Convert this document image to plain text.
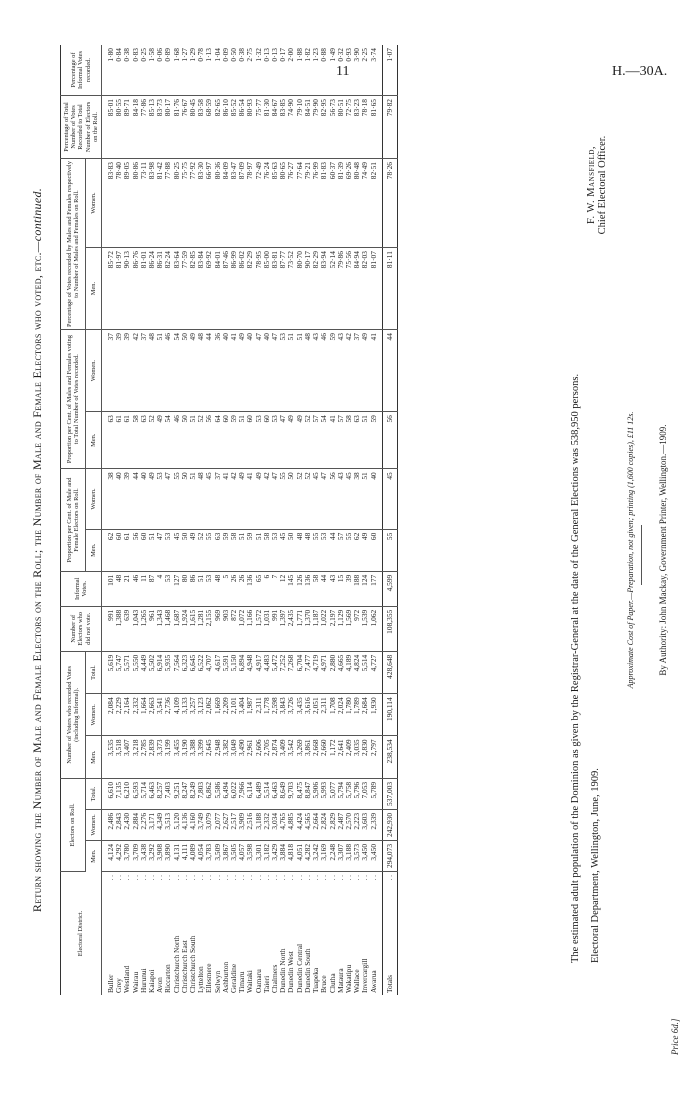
11	H.—30A.
Return showing the Number of Male and Female Electors on the Roll; the Number of Male and Female Electors who voted, etc.—continued.
Electoral District.	Electors on Roll.			Number of Voters who recorded Votes (including Informal).			Number of Electors who did not vote.	Informal Votes.	Proportion per Cent. of Male and Female Electors on Roll.		Proportion per Cent. of Males and Females voting to Total Number of Votes recorded.		Percentage of Votes recorded by Males and Females respectively to Number of Males and Females on Roll.		Percentage of Total Number of Votes Recorded to Total Number of Electors on the Roll.	Percentage of Informal Votes recorded.
	Men.	Women.	Total.	Men.	Women.	Total.			Men.	Women.	Men.	Women.	Men.	Women.		
Buller
. .	4,124	2,486	6,610	3,535	2,084	5,619	991	101	62	38	63	37	85·72	83·83	85·01	1·80
Grey
. .	4,292	2,843	7,135	3,518	2,229	5,747	1,388	48	60	40	61	39	81·97	78·40	80·55	0·84
Westland
. .	3,780	2,430	6,210	3,407	2,164	5,571	639	21	61	39	61	39	90·13	89·05	89·71	0·38
Wairau
. .	3,709	2,884	6,593	3,218	2,332	5,550	1,043	46	56	44	58	42	86·76	80·86	84·18	0·83
Hurunui
. .	3,438	2,276	5,714	2,785	1,664	4,449	1,265	11	60	40	63	37	81·01	73·11	77·86	0·25
Kaiapoi
. .	3,292	3,171	6,463	2,839	2,663	5,502	961	87	51	49	52	48	86·24	83·98	85·13	1·58
Avon
. .	3,908	4,349	8,257	3,373	3,541	6,914	1,343	4	47	53	49	51	86·31	81·42	83·73	0·06
Riccarton
. .	3,890	3,513	7,403	3,199	2,736	5,935	1,468	53	53	47	54	46	82·24	77·88	80·17	0·89
Christchurch North
. .	4,131	5,120	9,251	3,455	4,109	7,564	1,687	127	45	55	46	54	83·64	80·25	81·76	1·68
Christchurch East
. .	4,111	4,136	8,247	3,190	3,133	6,323	1,924	80	50	50	50	50	77·59	75·75	76·67	1·27
Christchurch South
. .	4,089	4,160	8,249	3,388	3,257	6,645	1,615	86	49	51	51	49	82·85	77·92	80·45	1·29
Lyttelton
. .	4,054	3,749	7,803	3,399	3,123	6,522	1,281	51	52	48	52	48	83·84	83·30	83·58	0·78
Ellesmere
. .	3,783	3,079	6,862	2,645	2,062	4,707	2,155	53	55	45	56	44	69·92	66·97	68·59	1·13
Selwyn
. .	3,509	2,077	5,586	2,948	1,669	4,617	969	48	63	37	64	36	84·01	80·36	82·65	1·04
Ashburton
. .	3,867	2,627	6,494	3,382	2,209	5,591	903	5	59	41	60	40	87·46	84·09	86·10	0·09
Geraldine
. .	3,505	2,517	6,022	3,049	2,101	5,150	872	26	58	42	59	41	86·99	83·47	85·52	0·50
Timaru
. .	4,057	3,909	7,966	3,490	3,404	6,894	1,072	26	51	49	51	49	86·02	87·09	86·54	0·38
Waitaki
. .	3,598	2,516	6,114	2,961	1,987	4,948	1,166	136	59	41	60	40	82·29	78·97	80·93	2·75
Oamaru
. .	3,301	3,188	6,489	2,606	2,311	4,917	1,572	65	51	49	53	47	78·95	72·49	75·77	1·32
Taieri
. .	3,182	2,332	5,514	2,705	1,778	4,483	1,031	6	58	42	60	40	85·00	76·24	81·30	0·13
Chalmers
. .	3,429	3,034	6,463	2,874	2,598	5,472	991	7	53	47	53	47	83·81	85·63	84·67	0·13
Dunedin North
. .	3,884	4,765	8,649	3,409	3,843	7,252	1,397	12	45	55	47	53	87·77	80·65	83·85	0·17
Dunedin West
. .	4,818	4,885	9,703	3,542	3,726	7,268	2,435	145	50	50	49	51	73·52	76·27	74·90	2·00
Dunedin Central
. .	4,051	4,424	8,475	3,269	3,435	6,704	1,771	126	48	52	49	51	80·70	77·64	79·10	1·88
Dunedin South
. .	4,282	4,565	8,847	3,861	3,616	7,477	1,370	136	48	52	52	48	90·17	79·21	84·51	1·82
Tuapeka
. .	3,242	2,664	5,906	2,668	2,051	4,719	1,187	58	55	45	57	43	82·29	76·99	79·90	1·23
Bruce
. .	3,169	2,824	5,993	2,660	2,311	4,971	1,022	44	53	47	54	46	83·94	81·83	82·95	0·88
Clutha
. .	2,248	2,829	5,077	1,172	1,708	2,880	2,197	43	44	56	41	59	52·14	60·37	56·73	1·49
Mataura
. .	3,307	2,487	5,794	2,641	2,024	4,665	1,129	15	57	43	57	43	79·86	81·39	80·51	0·32
Wakatipu
. .	3,188	2,570	5,758	2,409	1,780	4,189	1,569	39	55	45	58	42	75·56	69·26	72·75	0·93
Wallace
. .	3,573	2,223	5,796	3,035	1,789	4,824	972	188	62	38	63	37	84·94	80·48	83·23	3·90
Invercargill
. .	3,450	3,603	7,053	2,830	2,684	5,514	1,539	124	49	51	51	49	82·03	74·49	78·18	2·25
Awarua
. .	3,450	2,339	5,789	2,797	1,930	4,727	1,062	177	60	40	59	41	81·07	82·51	81·65	3·74
Totals
. .	294,073	242,930	537,003	238,534	190,114	428,648	108,355	4,599	55	45	56	44	81·11	78·26	79·82	1·07
The estimated adult population of the Dominion as given by the Registrar-General at the date of the General Elections was 538,950 persons. Electoral Department, Wellington, June, 1909.
F. W. Mansfield, Chief Electoral Officer.
Approximate Cost of Paper.—Preparation, not given; printing (1,600 copies), £11 12s.	By Authority: John Mackay, Government Printer, Wellington.—1909.
Price 6d.]
